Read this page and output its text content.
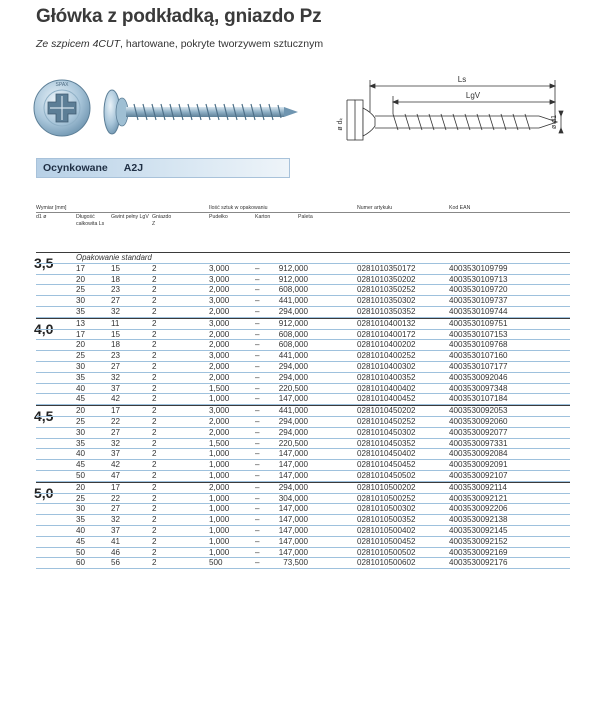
Główka z podkładką, gniazdo Pz
Ze szpicem 4CUT, hartowane, pokryte tworzywem sztucznym
SPAX
Ls
LgV
ø dₖ	ø d1
Ocynkowane A2J
Wymiar [mm]
d1 ø	Długość całkowita Ls
Gwint pełny LgV Gniazdo Z
Ilość sztuk w opakowaniu
Pudełko	Karton	Paleta
Numer artykułu	Kod EAN
3,5	Opakowanie standard
17	15	2	3,000	– 912,000	0281010350172	4003530109799
20	18	2	3,000	– 912,000	0281010350202	4003530109713
25	23	2	2,000	– 608,000	0281010350252	4003530109720
30	27	2	3,000	– 441,000	0281010350302	4003530109737
35	32	2	2,000	– 294,000	0281010350352	4003530109744
4,0	13	11	2	3,000	– 912,000	0281010400132	4003530109751
17	15	2	2,000	– 608,000	0281010400172	4003530107153
20	18	2	2,000	– 608,000	0281010400202	4003530109768
25	23	2	3,000	– 441,000	0281010400252	4003530107160
30	27	2	2,000	– 294,000	0281010400302	4003530107177
35	32	2	2,000	– 294,000	0281010400352	4003530092046
40	37	2	1,500	– 220,500	0281010400402	4003530097348
45	42	2	1,000	– 147,000	0281010400452	4003530107184
4,5	20	17	2	3,000	– 441,000	0281010450202	4003530092053
25	22	2	2,000	– 294,000	0281010450252	4003530092060
30	27	2	2,000	– 294,000	0281010450302	4003530092077
35	32	2	1,500	– 220,500	0281010450352	4003530097331
40	37	2	1,000	– 147,000	0281010450402	4003530092084
45	42	2	1,000	– 147,000	0281010450452	4003530092091
50	47	2	1,000	– 147,000	0281010450502	4003530092107
5,0	20	17	2	2,000	– 294,000	0281010500202	4003530092114
25	22	2	1,000	– 304,000	0281010500252	4003530092121
30	27	2	1,000	– 147,000	0281010500302	4003530092206
35	32	2	1,000	– 147,000	0281010500352	4003530092138
40	37	2	1,000	– 147,000	0281010500402	4003530092145
45	41	2	1,000	– 147,000	0281010500452	4003530092152
50	46	2	1,000	– 147,000	0281010500502	4003530092169
60	56	2	500	–	73,500	0281010500602	4003530092176
